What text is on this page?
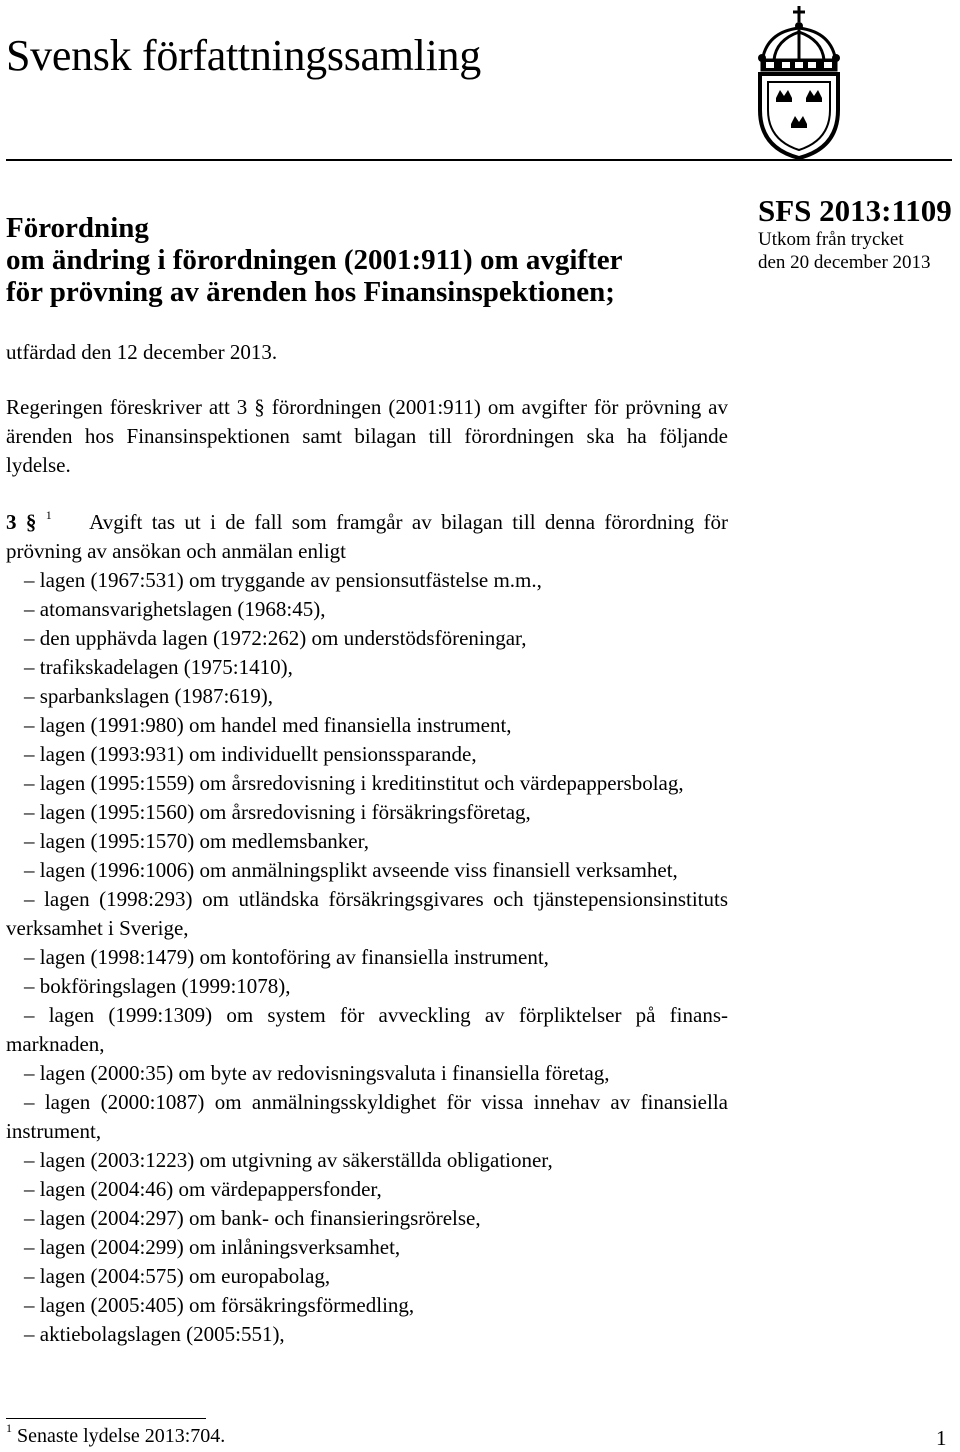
Svensk författningssamling
Förordning
om ändring i förordningen (2001:911) om avgifter
för prövning av ärenden hos Finansinspektionen;
SFS 2013:1109
Utkom från trycket
den 20 december 2013
utfärdad den 12 december 2013.
Regeringen föreskriver att 3 § förordningen (2001:911) om avgifter för prövning av ärenden hos Finansinspektionen samt bilagan till förordningen ska ha följande lydelse.
3 § $^1$ Avgift tas ut i de fall som framgår av bilagan till denna förordning för prövning av ansökan och anmälan enligt
– lagen (1967:531) om tryggande av pensionsutfästelse m.m.,
– atomansvarighetslagen (1968:45),
– den upphävda lagen (1972:262) om understödsföreningar,
– trafikskadelagen (1975:1410),
– sparbankslagen (1987:619),
– lagen (1991:980) om handel med finansiella instrument,
– lagen (1993:931) om individuellt pensionssparande,
– lagen (1995:1559) om årsredovisning i kreditinstitut och värdepappersbolag,
– lagen (1995:1560) om årsredovisning i försäkringsföretag,
– lagen (1995:1570) om medlemsbanker,
– lagen (1996:1006) om anmälningsplikt avseende viss finansiell verksamhet,
– lagen (1998:293) om utländska försäkringsgivares och tjänstepensionsinstituts verksamhet i Sverige,
– lagen (1998:1479) om kontoföring av finansiella instrument,
– bokföringslagen (1999:1078),
– lagen (1999:1309) om system för avveckling av förpliktelser på finansmarknaden,
– lagen (2000:35) om byte av redovisningsvaluta i finansiella företag,
– lagen (2000:1087) om anmälningsskyldighet för vissa innehav av finansiella instrument,
– lagen (2003:1223) om utgivning av säkerställda obligationer,
– lagen (2004:46) om värdepappersfonder,
– lagen (2004:297) om bank- och finansieringsrörelse,
– lagen (2004:299) om inlåningsverksamhet,
– lagen (2004:575) om europabolag,
– lagen (2005:405) om försäkringsförmedling,
– aktiebolagslagen (2005:551),
$^1$ Senaste lydelse 2013:704.	1
